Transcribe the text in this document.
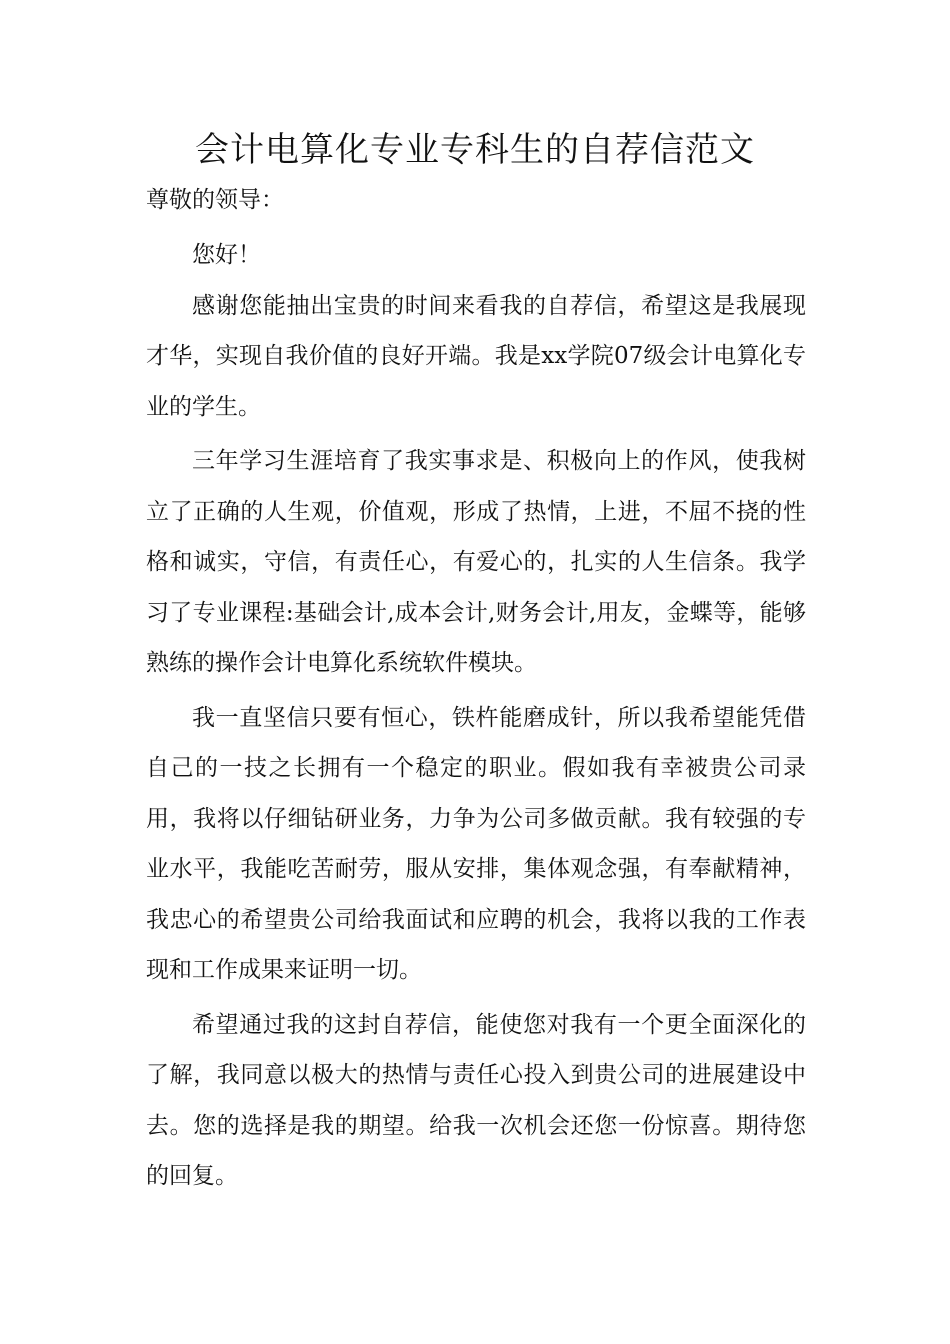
会计电算化专业专科生的自荐信范文

尊敬的领导：

您好！

感谢您能抽出宝贵的时间来看我的自荐信，希望这是我展现才华，实现自我价值的良好开端。我是xx学院07级会计电算化专业的学生。

三年学习生涯培育了我实事求是、积极向上的作风，使我树立了正确的人生观，价值观，形成了热情，上进，不屈不挠的性格和诚实，守信，有责任心，有爱心的，扎实的人生信条。我学习了专业课程:基础会计,成本会计,财务会计,用友，金蝶等，能够熟练的操作会计电算化系统软件模块。

我一直坚信只要有恒心，铁杵能磨成针，所以我希望能凭借自己的一技之长拥有一个稳定的职业。假如我有幸被贵公司录用，我将以仔细钻研业务，力争为公司多做贡献。我有较强的专业水平，我能吃苦耐劳，服从安排，集体观念强，有奉献精神，我忠心的希望贵公司给我面试和应聘的机会，我将以我的工作表现和工作成果来证明一切。

希望通过我的这封自荐信，能使您对我有一个更全面深化的了解，我同意以极大的热情与责任心投入到贵公司的进展建设中去。您的选择是我的期望。给我一次机会还您一份惊喜。期待您的回复。
